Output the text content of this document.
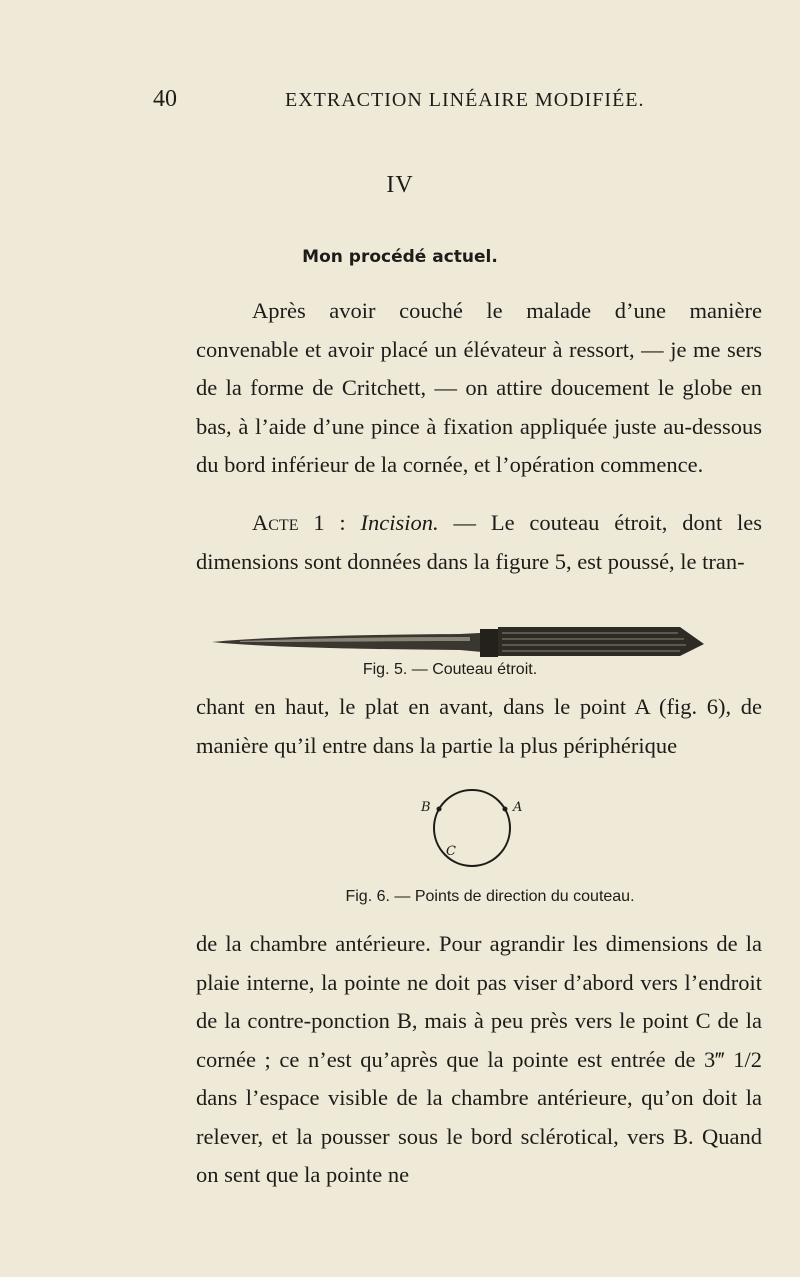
40	EXTRACTION LINÉAIRE MODIFIÉE.
IV
Mon procédé actuel.

Après avoir couché le malade d’une manière convenable et avoir placé un élévateur à ressort, — je me sers de la forme de Critchett, — on attire doucement le globe en bas, à l’aide d’une pince à fixation appliquée juste au-dessous du bord inférieur de la cornée, et l’opération commence.

Acte 1 : Incision. — Le couteau étroit, dont les dimensions sont données dans la figure 5, est poussé, le tran-

Fig. 5. — Couteau étroit.

chant en haut, le plat en avant, dans le point A (fig. 6), de manière qu’il entre dans la partie la plus périphérique

B	A
C
Fig. 6. — Points de direction du couteau.

de la chambre antérieure. Pour agrandir les dimensions de la plaie interne, la pointe ne doit pas viser d’abord vers l’endroit de la contre-ponction B, mais à peu près vers le point C de la cornée ; ce n’est qu’après que la pointe est entrée de 3‴ 1/2 dans l’espace visible de la chambre antérieure, qu’on doit la relever, et la pousser sous le bord sclérotical, vers B. Quand on sent que la pointe ne
